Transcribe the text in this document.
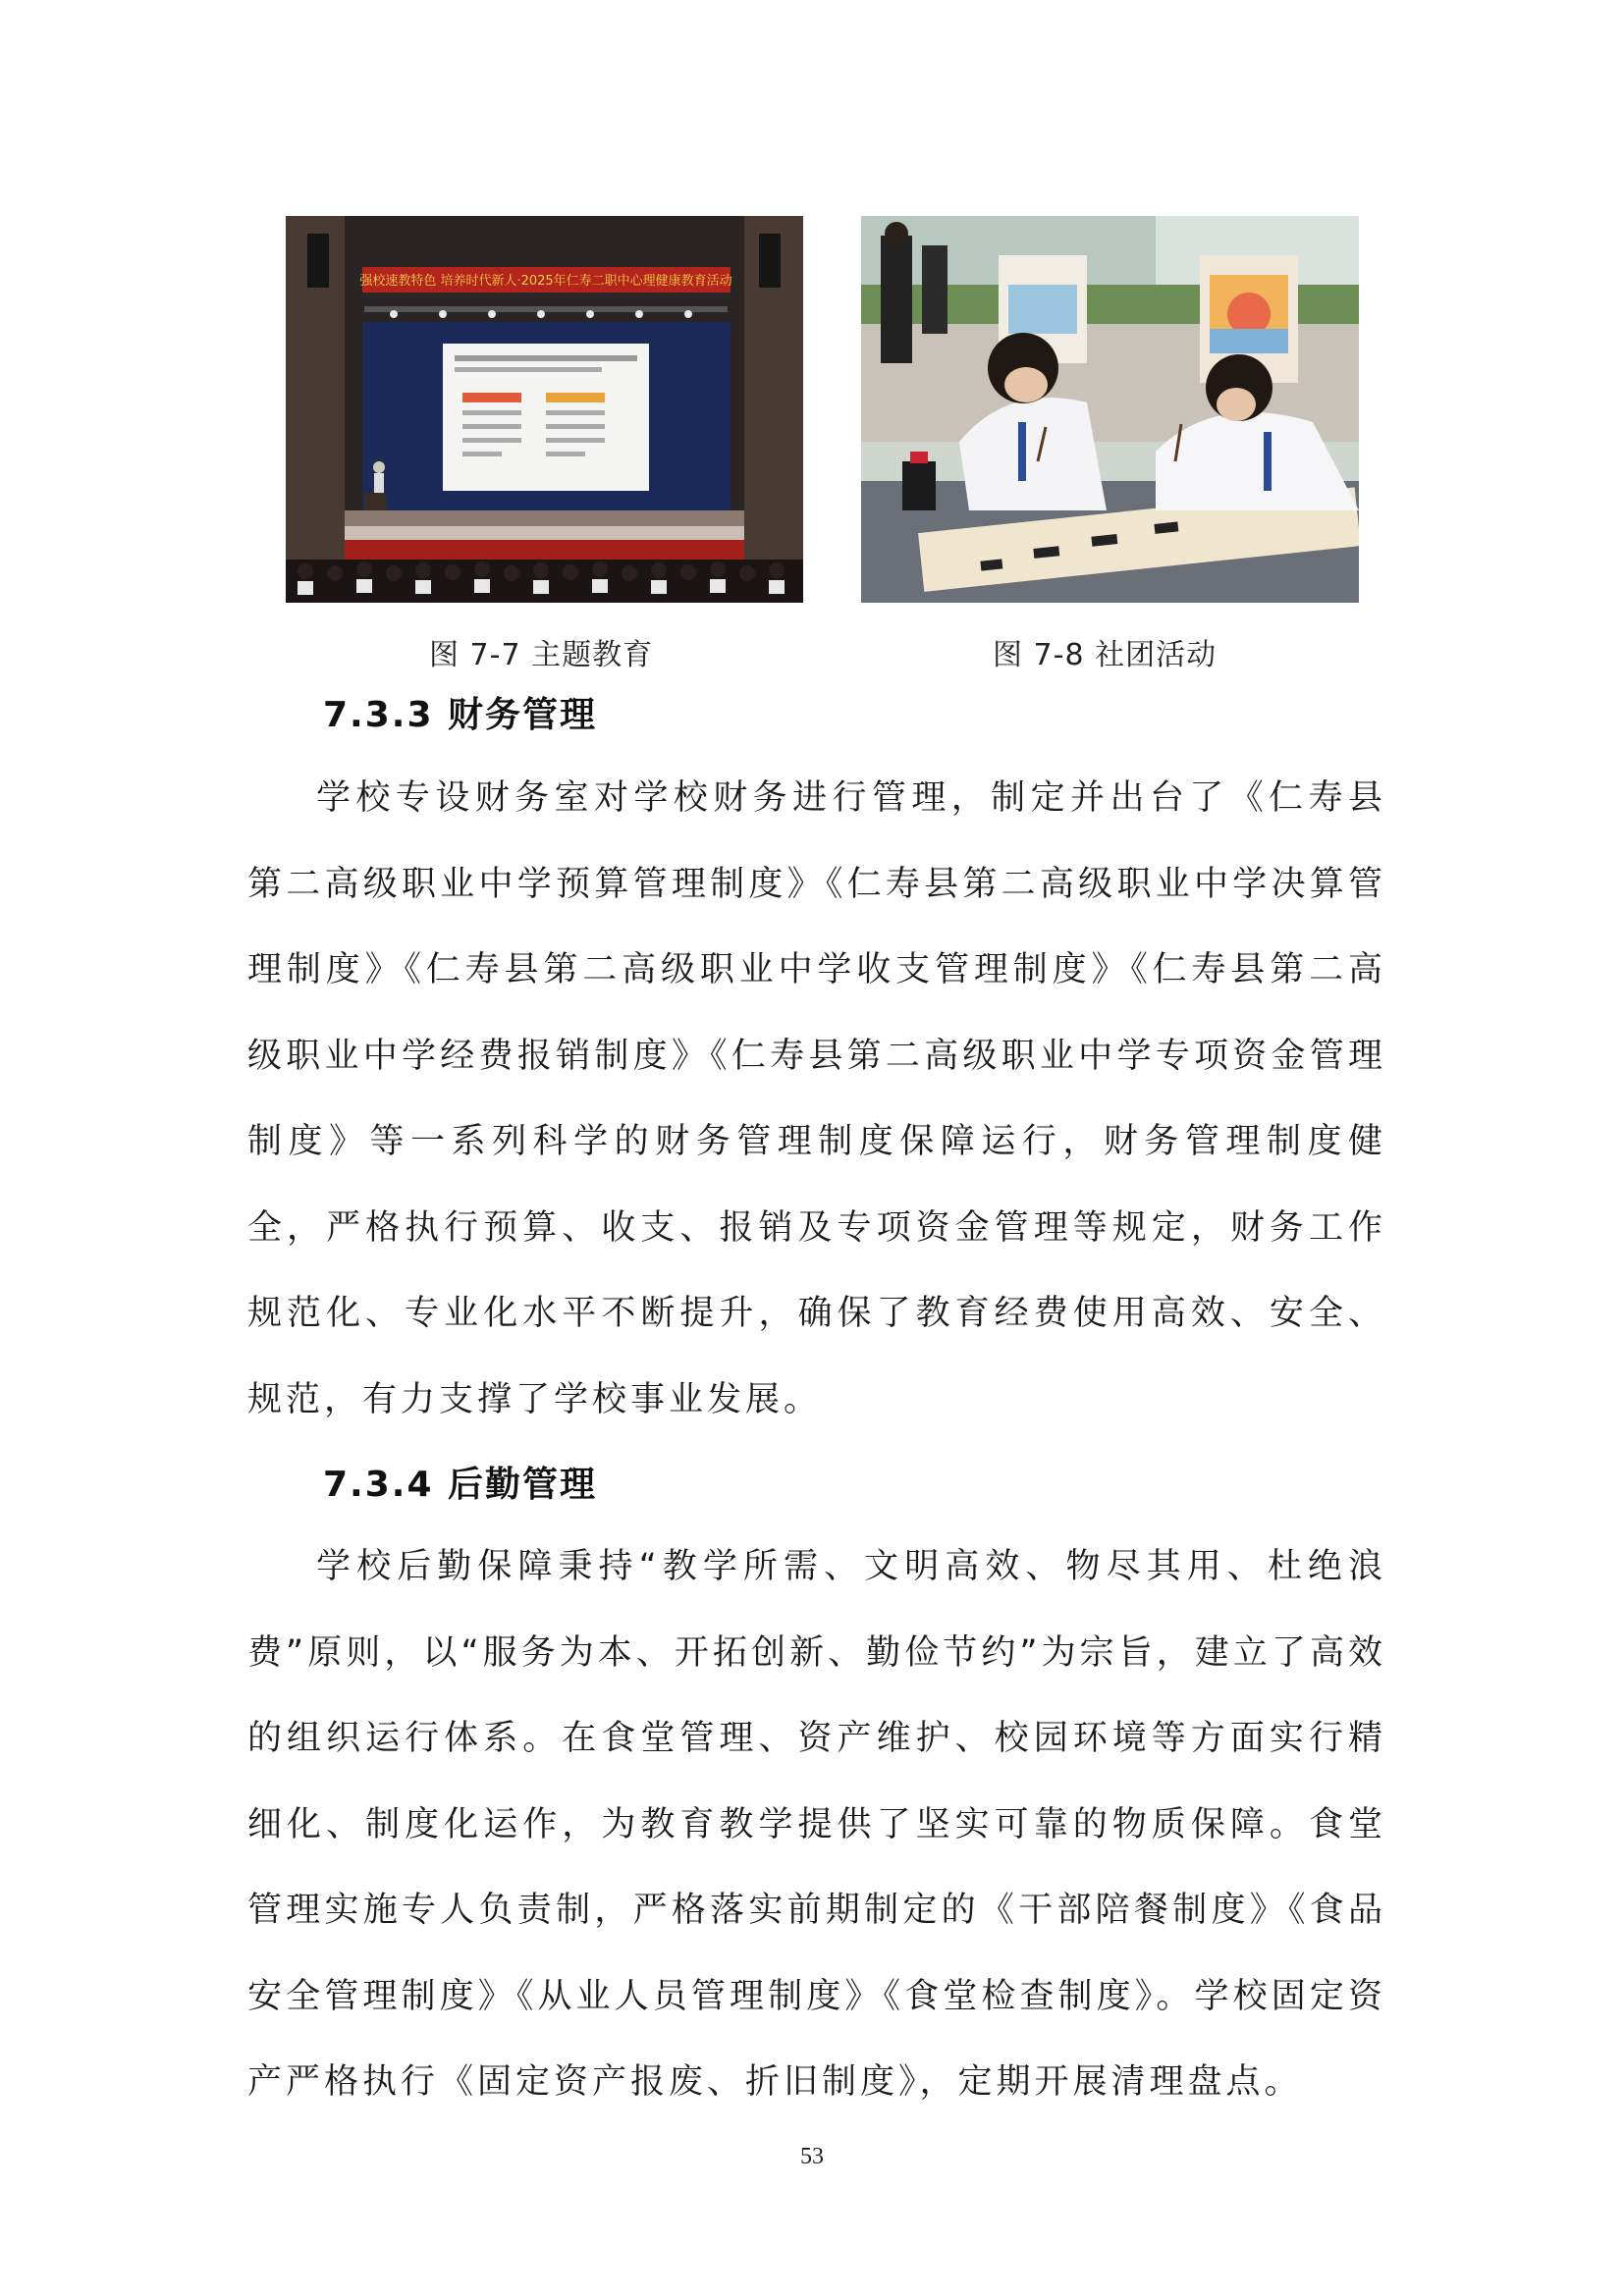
强校速教特色 培养时代新人·2025年仁寿二职中心理健康教育活动
图 7-7 主题教育	图 7-8 社团活动
7.3.3 财务管理

学校专设财务室对学校财务进行管理，制定并出台了《仁寿县第二高级职业中学预算管理制度》《仁寿县第二高级职业中学决算管理制度》《仁寿县第二高级职业中学收支管理制度》《仁寿县第二高级职业中学经费报销制度》《仁寿县第二高级职业中学专项资金管理制度》等一系列科学的财务管理制度保障运行，财务管理制度健全，严格执行预算、收支、报销及专项资金管理等规定，财务工作规范化、专业化水平不断提升，确保了教育经费使用高效、安全、规范，有力支撑了学校事业发展。

7.3.4 后勤管理

学校后勤保障秉持“教学所需、文明高效、物尽其用、杜绝浪费”原则，以“服务为本、开拓创新、勤俭节约”为宗旨，建立了高效的组织运行体系。在食堂管理、资产维护、校园环境等方面实行精细化、制度化运作，为教育教学提供了坚实可靠的物质保障。食堂管理实施专人负责制，严格落实前期制定的《干部陪餐制度》《食品安全管理制度》《从业人员管理制度》《食堂检查制度》。学校固定资产严格执行《固定资产报废、折旧制度》，定期开展清理盘点。

53
